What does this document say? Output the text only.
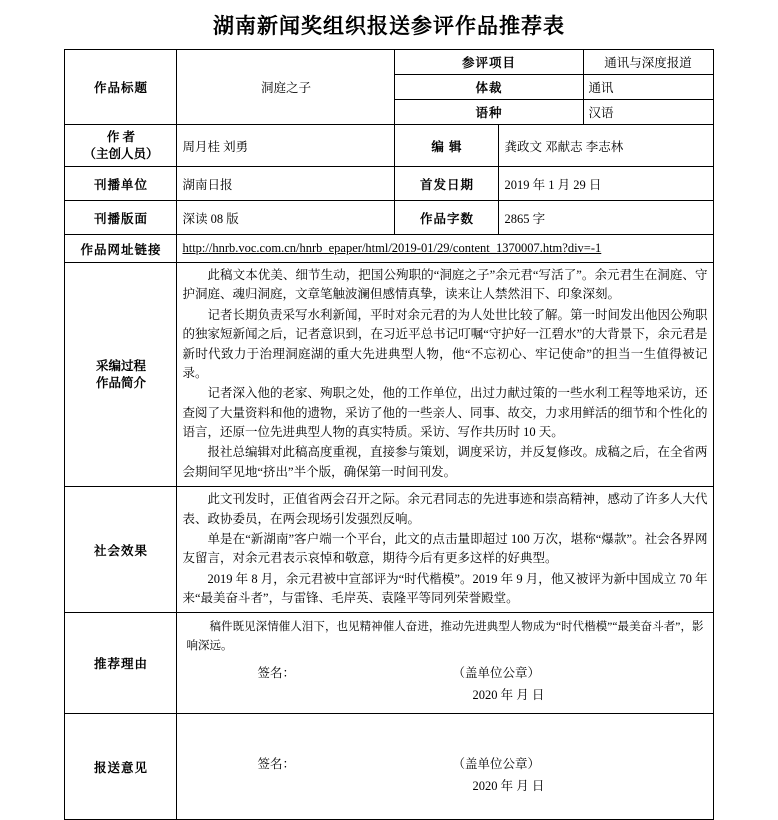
湖南新闻奖组织报送参评作品推荐表
作品标题	洞庭之子	参评项目		通讯与深度报道
		体裁		通讯
		语种		汉语

作 者
（主创人员）	周月桂 刘勇	编 辑	龚政文 邓献志 李志林	
刊播单位	湖南日报	首发日期	2019 年 1 月 29 日	
刊播版面	深读 08 版	作品字数	2865 字	
作品网址链接	http://hnrb.voc.com.cn/hnrb_epaper/html/2019-01/29/content_1370007.htm?div=-1			

采编过程
作品简介

此稿文本优美、细节生动，把国公殉职的“洞庭之子”余元君“写活了”。余元君生在洞庭、守护洞庭、魂归洞庭，文章笔触波澜但感情真挚，读来让人禁然泪下、印象深刻。

记者长期负责采写水利新闻，平时对余元君的为人处世比较了解。第一时间发出他因公殉职的独家短新闻之后，记者意识到，在习近平总书记叮嘱“守护好一江碧水”的大背景下，余元君是新时代致力于治理洞庭湖的重大先进典型人物，他“不忘初心、牢记使命”的担当一生值得被记录。

记者深入他的老家、殉职之处，他的工作单位，出过力献过策的一些水利工程等地采访，还查阅了大量资料和他的遗物，采访了他的一些亲人、同事、故交，力求用鲜活的细节和个性化的语言，还原一位先进典型人物的真实特质。采访、写作共历时 10 天。

报社总编辑对此稿高度重视，直接参与策划，调度采访，并反复修改。成稿之后，在全省两会期间罕见地“挤出”半个版，确保第一时间刊发。

社会效果	此文刊发时，正值省两会召开之际。余元君同志的先进事迹和崇高精神，感动了许多人大代表、政协委员，在两会现场引发强烈反响。

单是在“新湖南”客户端一个平台，此文的点击量即超过 100 万次，堪称“爆款”。社会各界网友留言，对余元君表示哀悼和敬意，期待今后有更多这样的好典型。

2019 年 8 月，余元君被中宣部评为“时代楷模”。2019 年 9 月，他又被评为新中国成立 70 年来“最美奋斗者”，与雷锋、毛岸英、袁隆平等同列荣誉殿堂。			

推荐理由	稿件既见深情催人泪下，也见精神催人奋进，推动先进典型人物成为“时代楷模”“最美奋斗者”，影响深远。

签名： （盖单位公章）
2020 年 月 日			

报送意见	签名： （盖单位公章）
2020 年 月 日			
